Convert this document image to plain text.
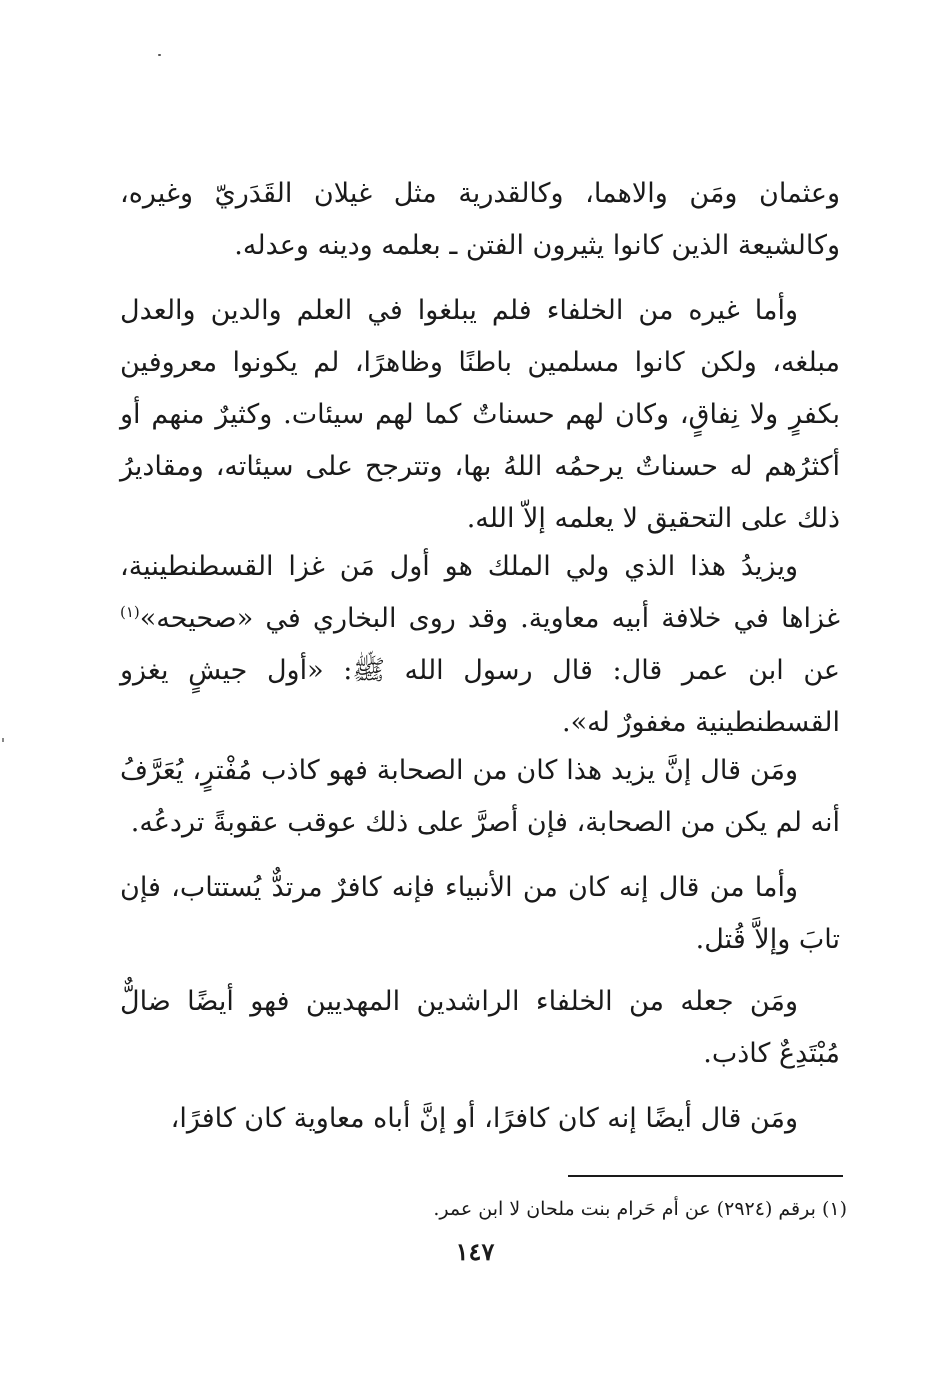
وعثمان ومَن والاهما، وكالقدرية مثل غيلان القَدَريّ وغيره، وكالشيعة الذين كانوا يثيرون الفتن ـ بعلمه ودينه وعدله.

وأما غيره من الخلفاء فلم يبلغوا في العلم والدين والعدل مبلغه، ولكن كانوا مسلمين باطنًا وظاهرًا، لم يكونوا معروفين بكفرٍ ولا نِفاقٍ، وكان لهم حسناتٌ كما لهم سيئات. وكثيرٌ منهم أو أكثرُهم له حسناتٌ يرحمُه اللهُ بها، وتترجح على سيئاته، ومقاديرُ ذلك على التحقيق لا يعلمه إلاّ الله.

ويزيدُ هذا الذي ولي الملك هو أول مَن غزا القسطنطينية، غزاها في خلافة أبيه معاوية. وقد روى البخاري في «صحيحه»$^{(١)}$ عن ابن عمر قال: قال رسول الله ﷺ: «أول جيشٍ يغزو القسطنطينية مغفورٌ له».

ومَن قال إنَّ يزيد هذا كان من الصحابة فهو كاذب مُفْترٍ، يُعَرَّفُ أنه لم يكن من الصحابة، فإن أصرَّ على ذلك عوقب عقوبةً تردعُه.

وأما من قال إنه كان من الأنبياء فإنه كافرٌ مرتدٌّ يُستتاب، فإن تابَ وإلاَّ قُتل.

ومَن جعله من الخلفاء الراشدين المهديين فهو أيضًا ضالٌّ مُبْتَدِعٌ كاذب.

ومَن قال أيضًا إنه كان كافرًا، أو إنَّ أباه معاوية كان كافرًا،

(١) برقم (٢٩٢٤) عن أم حَرام بنت ملحان لا ابن عمر.
١٤٧
